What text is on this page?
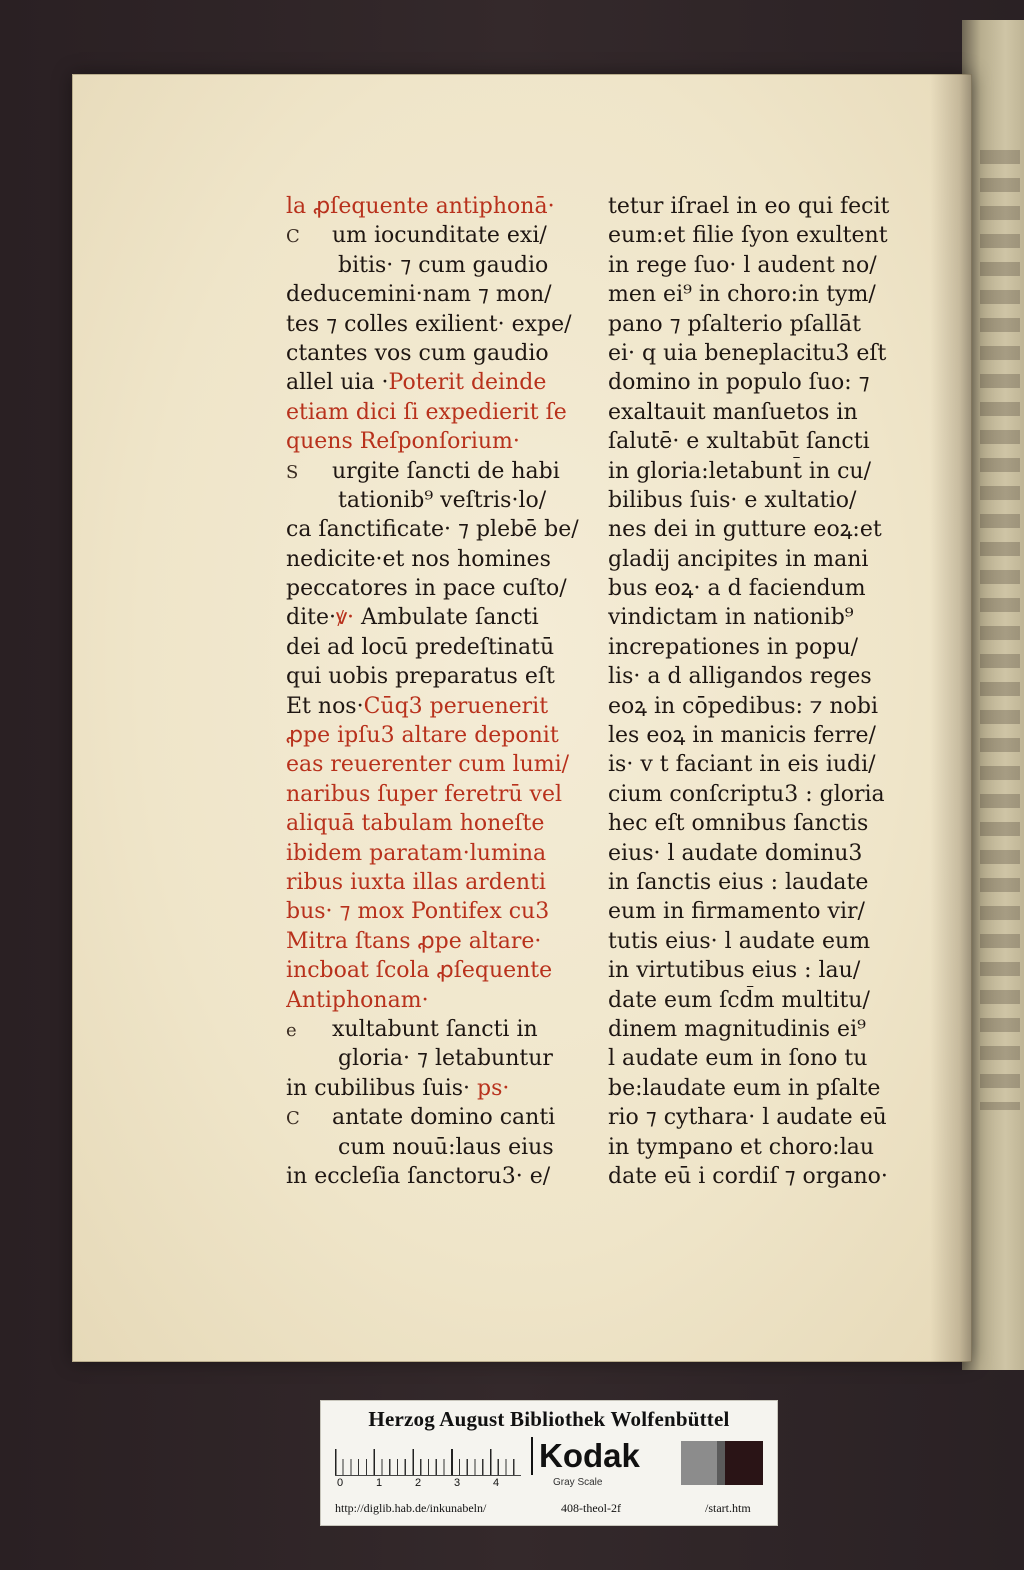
la ꝓſequente antiphonā·
C um iocunditate exi/
bitis· ⁊ cum gaudio
deducemini·nam ⁊ mon/
tes ⁊ colles exilient· expe/
ctantes vos cum gaudio
allel uia ·Poterit deinde
etiam dici ſi expedierit ſe
quens Reſponſorium·
S urgite ſancti de habi
tationib⁹ veſtris·lo/
ca ſanctificate· ⁊ plebē be/
nedicite·et nos homines
peccatores in pace cuſto/
dite·ꝟ· Ambulate ſancti
dei ad locū predeſtinatū
qui uobis preparatus eſt
Et nos·Cūq3 peruenerit
ꝓpe ipſu3 altare deponit
eas reuerenter cum lumi/
naribus ſuper feretrū vel
aliquā tabulam honeſte
ibidem paratam·lumina
ribus iuxta illas ardenti
bus· ⁊ mox Pontifex cu3
Mitra ſtans ꝓpe altare·
incboat ſcola ꝓſequente
Antiphonam·
e xultabunt ſancti in
gloria· ⁊ letabuntur
in cubilibus ſuis· ps·
C antate domino canti
cum nouū:laus eius
in eccleſia ſanctoru3· e/
tetur iſrael in eo qui fecit
eum:et filie ſyon exultent
in rege ſuo· l audent no/
men ei⁹ in choro:in tym/
pano ⁊ pſalterio pſallāt
ei· q uia beneplacitu3 eſt
domino in populo ſuo: ⁊
exaltauit manſuetos in
ſalutē· e xultabūt ſancti
in gloria:letabunt̄ in cu/
bilibus ſuis· e xultatio/
nes dei in gutture eoꝝ:et
gladij ancipites in mani
bus eoꝝ· a d faciendum
vindictam in nationib⁹
increpationes in popu/
lis· a d alligandos reges
eoꝝ in cōpedibus: ⁊ nobi
les eoꝝ in manicis ferre/
is· v t faciant in eis iudi/
cium conſcriptu3 : gloria
hec eſt omnibus ſanctis
eius· l audate dominu3
in ſanctis eius : laudate
eum in firmamento vir/
tutis eius· l audate eum
in virtutibus eius : lau/
date eum ſcd̄m multitu/
dinem magnitudinis ei⁹
l audate eum in ſono tu
be:laudate eum in pſalte
rio ⁊ cythara· l audate eū
in tympano et choro:lau
date eū i cordiſ ⁊ organo·
Herzog August Bibliothek Wolfenbüttel
0	1	2	3	4
Kodak
Gray Scale
http://diglib.hab.de/inkunabeln/	408-theol-2f	/start.htm
